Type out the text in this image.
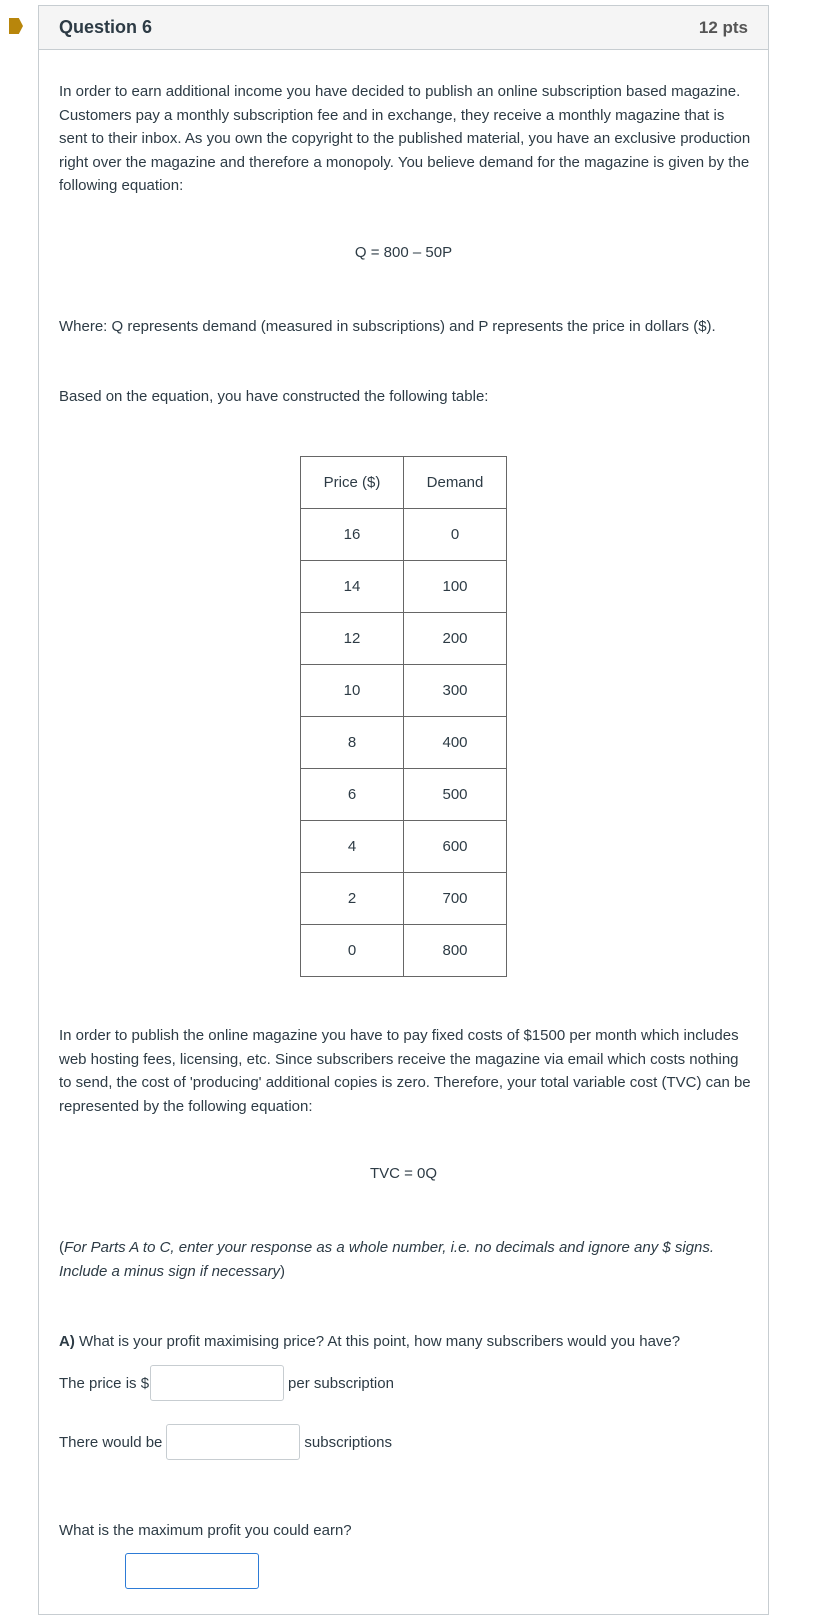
Question 6	12 pts

In order to earn additional income you have decided to publish an online subscription based magazine. Customers pay a monthly subscription fee and in exchange, they receive a monthly magazine that is sent to their inbox. As you own the copyright to the published material, you have an exclusive production right over the magazine and therefore a monopoly. You believe demand for the magazine is given by the following equation:

Q = 800 – 50P

Where: Q represents demand (measured in subscriptions) and P represents the price in dollars ($).

Based on the equation, you have constructed the following table:

Price ($)	Demand
16	0
14	100
12	200
10	300
8	400
6	500
4	600
2	700
0	800

In order to publish the online magazine you have to pay fixed costs of $1500 per month which includes web hosting fees, licensing, etc. Since subscribers receive the magazine via email which costs nothing to send, the cost of 'producing' additional copies is zero. Therefore, your total variable cost (TVC) can be represented by the following equation:

TVC = 0Q

(For Parts A to C, enter your response as a whole number, i.e. no decimals and ignore any $ signs. Include a minus sign if necessary)

A) What is your profit maximising price? At this point, how many subscribers would you have?

The price is $	per subscription
There would be	subscriptions

What is the maximum profit you could earn?
